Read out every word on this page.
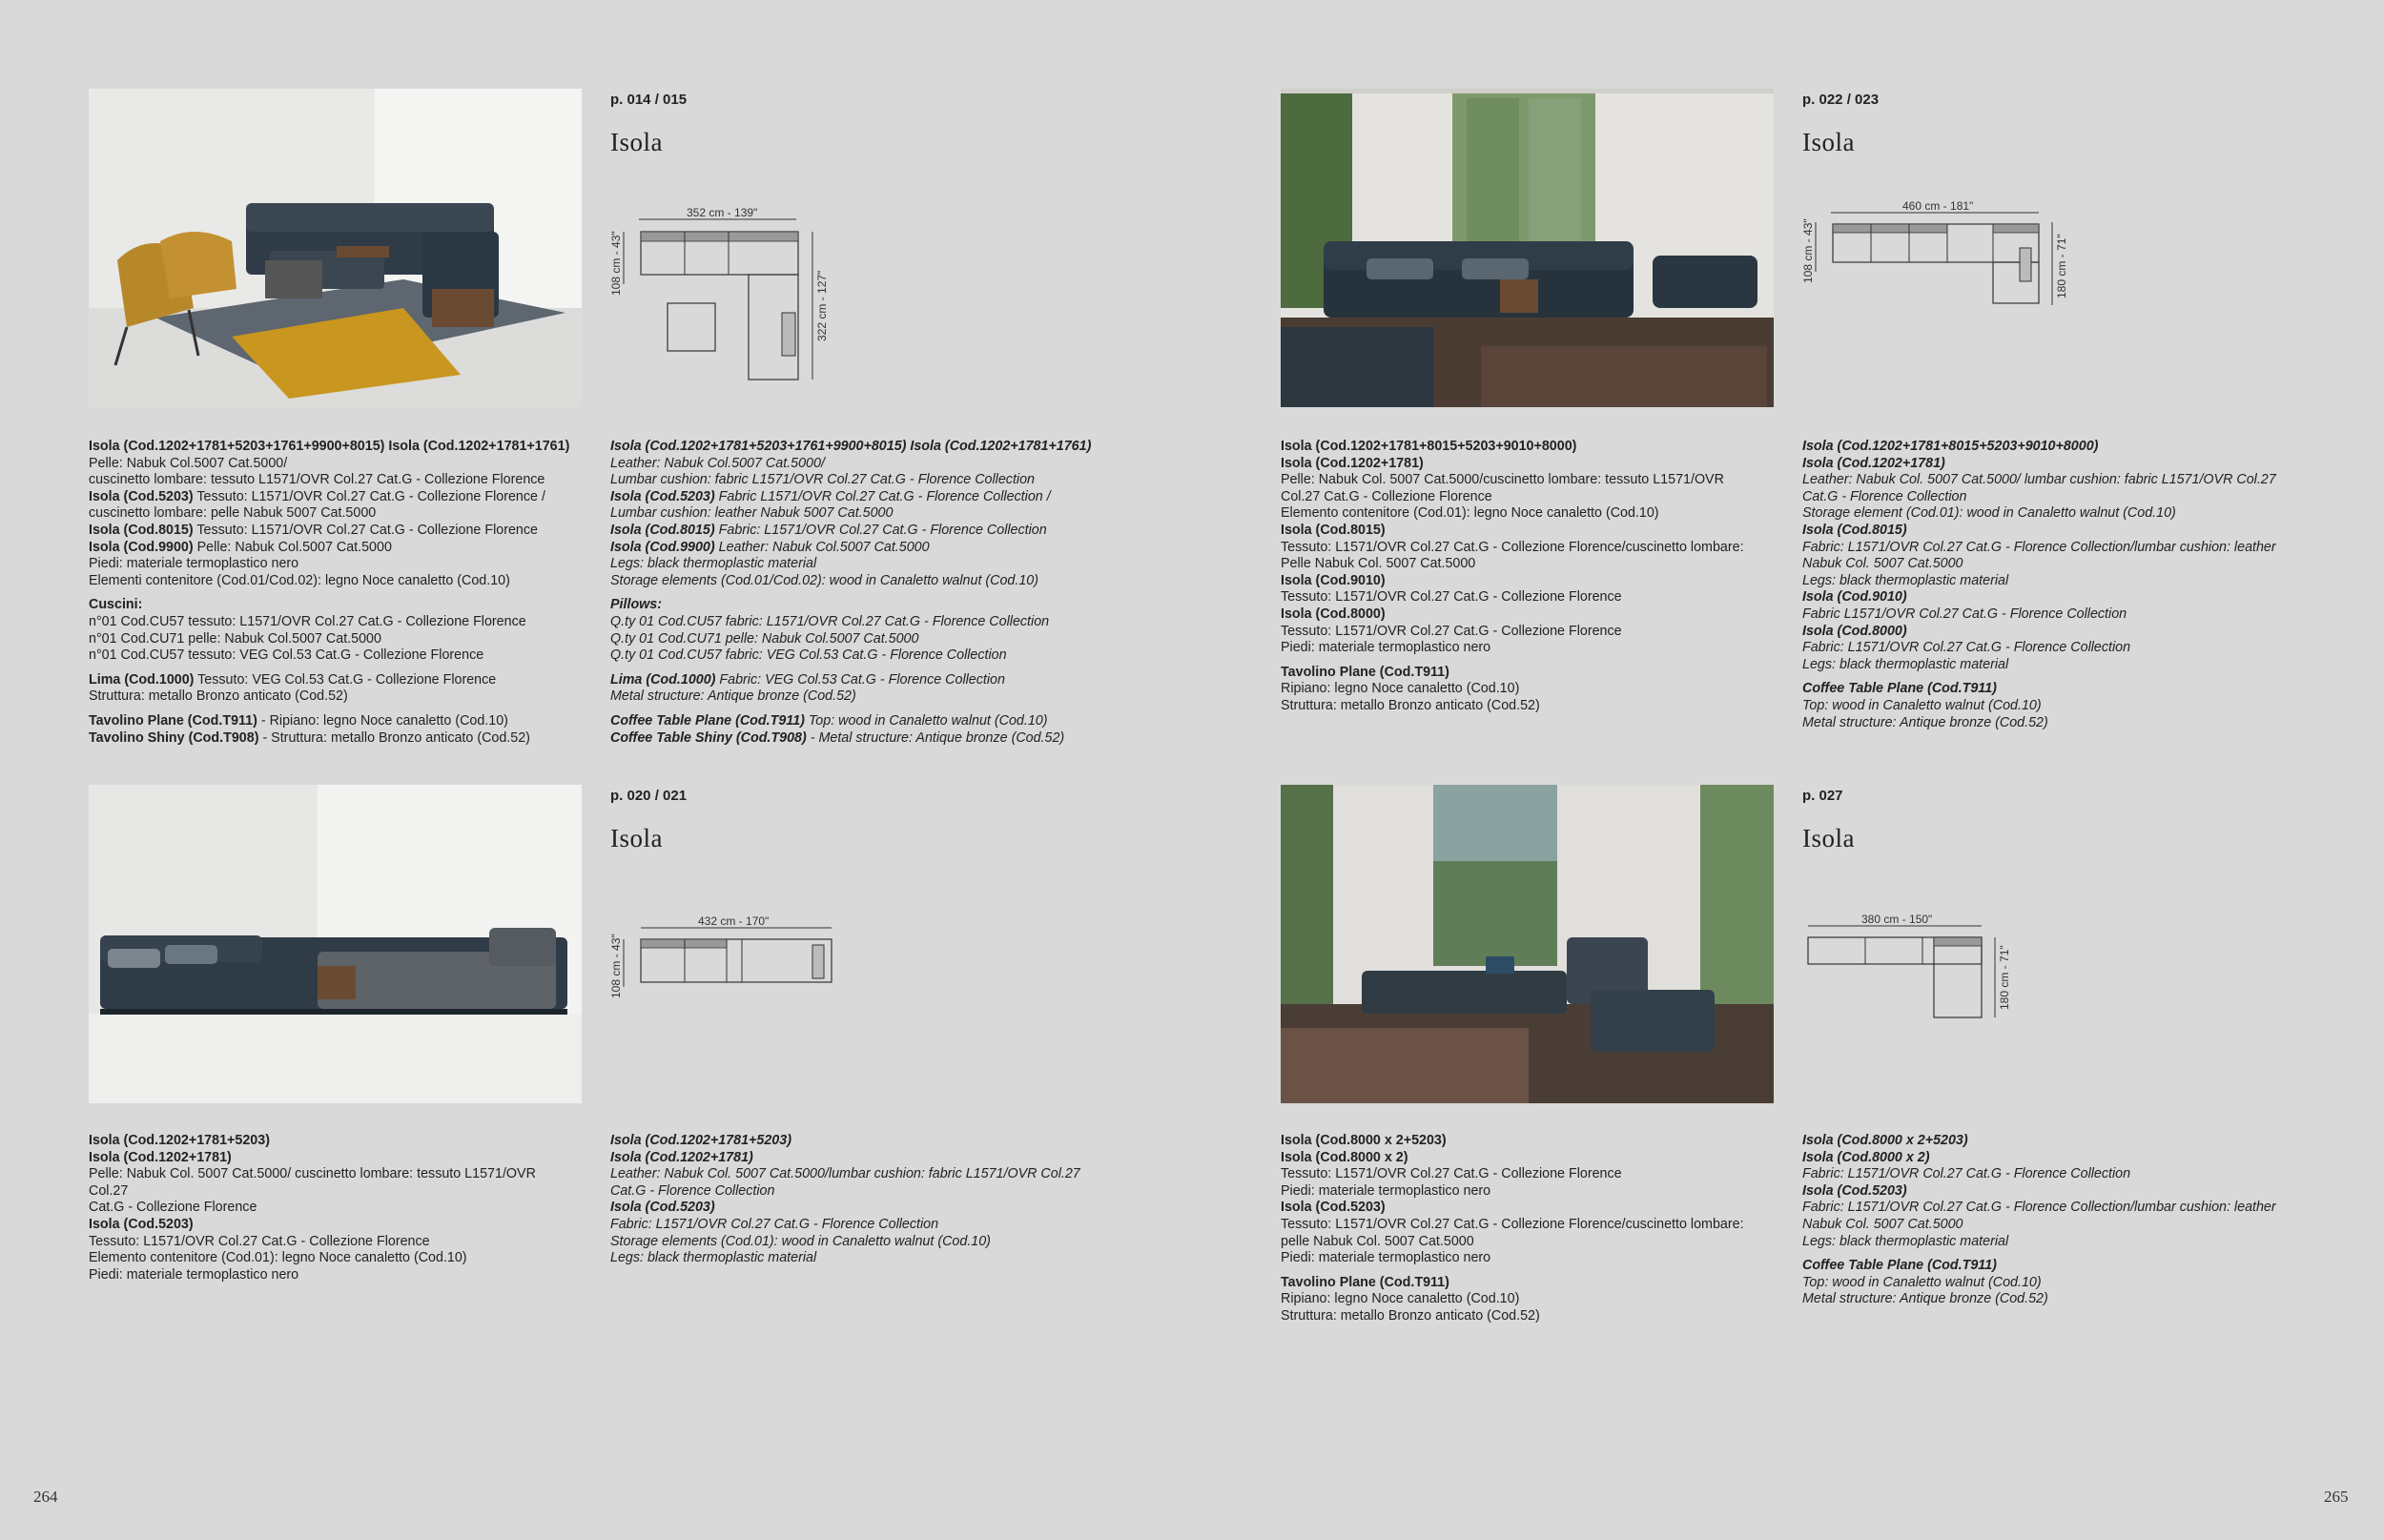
p. 014 / 015
Isola
352 cm - 139"
108 cm - 43"
322 cm - 127"

Isola (Cod.1202+1781+5203+1761+9900+8015) Isola (Cod.1202+1781+1761)

Pelle: Nabuk Col.5007 Cat.5000/

cuscinetto lombare: tessuto L1571/OVR Col.27 Cat.G - Collezione Florence

Isola (Cod.5203) Tessuto: L1571/OVR Col.27 Cat.G - Collezione Florence /

cuscinetto lombare: pelle Nabuk 5007 Cat.5000

Isola (Cod.8015) Tessuto: L1571/OVR Col.27 Cat.G - Collezione Florence

Isola (Cod.9900) Pelle: Nabuk Col.5007 Cat.5000

Piedi: materiale termoplastico nero

Elementi contenitore (Cod.01/Cod.02): legno Noce canaletto (Cod.10)

Cuscini:

n°01 Cod.CU57 tessuto: L1571/OVR Col.27 Cat.G - Collezione Florence

n°01 Cod.CU71 pelle: Nabuk Col.5007 Cat.5000

n°01 Cod.CU57 tessuto: VEG Col.53 Cat.G - Collezione Florence

Lima (Cod.1000) Tessuto: VEG Col.53 Cat.G - Collezione Florence

Struttura: metallo Bronzo anticato (Cod.52)

Tavolino Plane (Cod.T911) - Ripiano: legno Noce canaletto (Cod.10)

Tavolino Shiny (Cod.T908) - Struttura: metallo Bronzo anticato (Cod.52)

Isola (Cod.1202+1781+5203+1761+9900+8015) Isola (Cod.1202+1781+1761)

Leather: Nabuk Col.5007 Cat.5000/

Lumbar cushion: fabric L1571/OVR Col.27 Cat.G - Florence Collection

Isola (Cod.5203) Fabric L1571/OVR Col.27 Cat.G - Florence Collection /

Lumbar cushion: leather Nabuk 5007 Cat.5000

Isola (Cod.8015) Fabric: L1571/OVR Col.27 Cat.G - Florence Collection

Isola (Cod.9900) Leather: Nabuk Col.5007 Cat.5000

Legs: black thermoplastic material

Storage elements (Cod.01/Cod.02): wood in Canaletto walnut (Cod.10)

Pillows:

Q.ty 01 Cod.CU57 fabric: L1571/OVR Col.27 Cat.G - Florence Collection

Q.ty 01 Cod.CU71 pelle: Nabuk Col.5007 Cat.5000

Q.ty 01 Cod.CU57 fabric: VEG Col.53 Cat.G - Florence Collection

Lima (Cod.1000) Fabric: VEG Col.53 Cat.G - Florence Collection

Metal structure: Antique bronze (Cod.52)

Coffee Table Plane (Cod.T911) Top: wood in Canaletto walnut (Cod.10)

Coffee Table Shiny (Cod.T908) - Metal structure: Antique bronze (Cod.52)

p. 022 / 023
Isola
460 cm - 181"
108 cm - 43"	180 cm - 71"

Isola (Cod.1202+1781+8015+5203+9010+8000)

Isola (Cod.1202+1781)

Pelle: Nabuk Col. 5007 Cat.5000/cuscinetto lombare: tessuto L1571/OVR

Col.27 Cat.G - Collezione Florence

Elemento contenitore (Cod.01): legno Noce canaletto (Cod.10)

Isola (Cod.8015)

Tessuto: L1571/OVR Col.27 Cat.G - Collezione Florence/cuscinetto lombare:

Pelle Nabuk Col. 5007 Cat.5000

Isola (Cod.9010)

Tessuto: L1571/OVR Col.27 Cat.G - Collezione Florence

Isola (Cod.8000)

Tessuto: L1571/OVR Col.27 Cat.G - Collezione Florence

Piedi: materiale termoplastico nero

Tavolino Plane (Cod.T911)

Ripiano: legno Noce canaletto (Cod.10)

Struttura: metallo Bronzo anticato (Cod.52)

Isola (Cod.1202+1781+8015+5203+9010+8000)

Isola (Cod.1202+1781)

Leather: Nabuk Col. 5007 Cat.5000/ lumbar cushion: fabric L1571/OVR Col.27

Cat.G - Florence Collection

Storage element (Cod.01): wood in Canaletto walnut (Cod.10)

Isola (Cod.8015)

Fabric: L1571/OVR Col.27 Cat.G - Florence Collection/lumbar cushion: leather

Nabuk Col. 5007 Cat.5000

Legs: black thermoplastic material

Isola (Cod.9010)

Fabric L1571/OVR Col.27 Cat.G - Florence Collection

Isola (Cod.8000)

Fabric: L1571/OVR Col.27 Cat.G - Florence Collection

Legs: black thermoplastic material

Coffee Table Plane (Cod.T911)

Top: wood in Canaletto walnut (Cod.10)

Metal structure: Antique bronze (Cod.52)

p. 020 / 021
Isola
432 cm - 170"
108 cm - 43"

Isola (Cod.1202+1781+5203)

Isola (Cod.1202+1781)

Pelle: Nabuk Col. 5007 Cat.5000/ cuscinetto lombare: tessuto L1571/OVR

Col.27

Cat.G - Collezione Florence

Isola (Cod.5203)

Tessuto: L1571/OVR Col.27 Cat.G - Collezione Florence

Elemento contenitore (Cod.01): legno Noce canaletto (Cod.10)

Piedi: materiale termoplastico nero

Isola (Cod.1202+1781+5203)

Isola (Cod.1202+1781)

Leather: Nabuk Col. 5007 Cat.5000/lumbar cushion: fabric L1571/OVR Col.27

Cat.G - Florence Collection

Isola (Cod.5203)

Fabric: L1571/OVR Col.27 Cat.G - Florence Collection

Storage elements (Cod.01): wood in Canaletto walnut (Cod.10)

Legs: black thermoplastic material

p. 027
Isola
380 cm - 150"
180 cm - 71"

Isola (Cod.8000 x 2+5203)

Isola (Cod.8000 x 2)

Tessuto: L1571/OVR Col.27 Cat.G - Collezione Florence

Piedi: materiale termoplastico nero

Isola (Cod.5203)

Tessuto: L1571/OVR Col.27 Cat.G - Collezione Florence/cuscinetto lombare:

pelle Nabuk Col. 5007 Cat.5000

Piedi: materiale termoplastico nero

Tavolino Plane (Cod.T911)

Ripiano: legno Noce canaletto (Cod.10)

Struttura: metallo Bronzo anticato (Cod.52)

Isola (Cod.8000 x 2+5203)

Isola (Cod.8000 x 2)

Fabric: L1571/OVR Col.27 Cat.G - Florence Collection

Isola (Cod.5203)

Fabric: L1571/OVR Col.27 Cat.G - Florence Collection/lumbar cushion: leather

Nabuk Col. 5007 Cat.5000

Legs: black thermoplastic material

Coffee Table Plane (Cod.T911)

Top: wood in Canaletto walnut (Cod.10)

Metal structure: Antique bronze (Cod.52)

264	265
